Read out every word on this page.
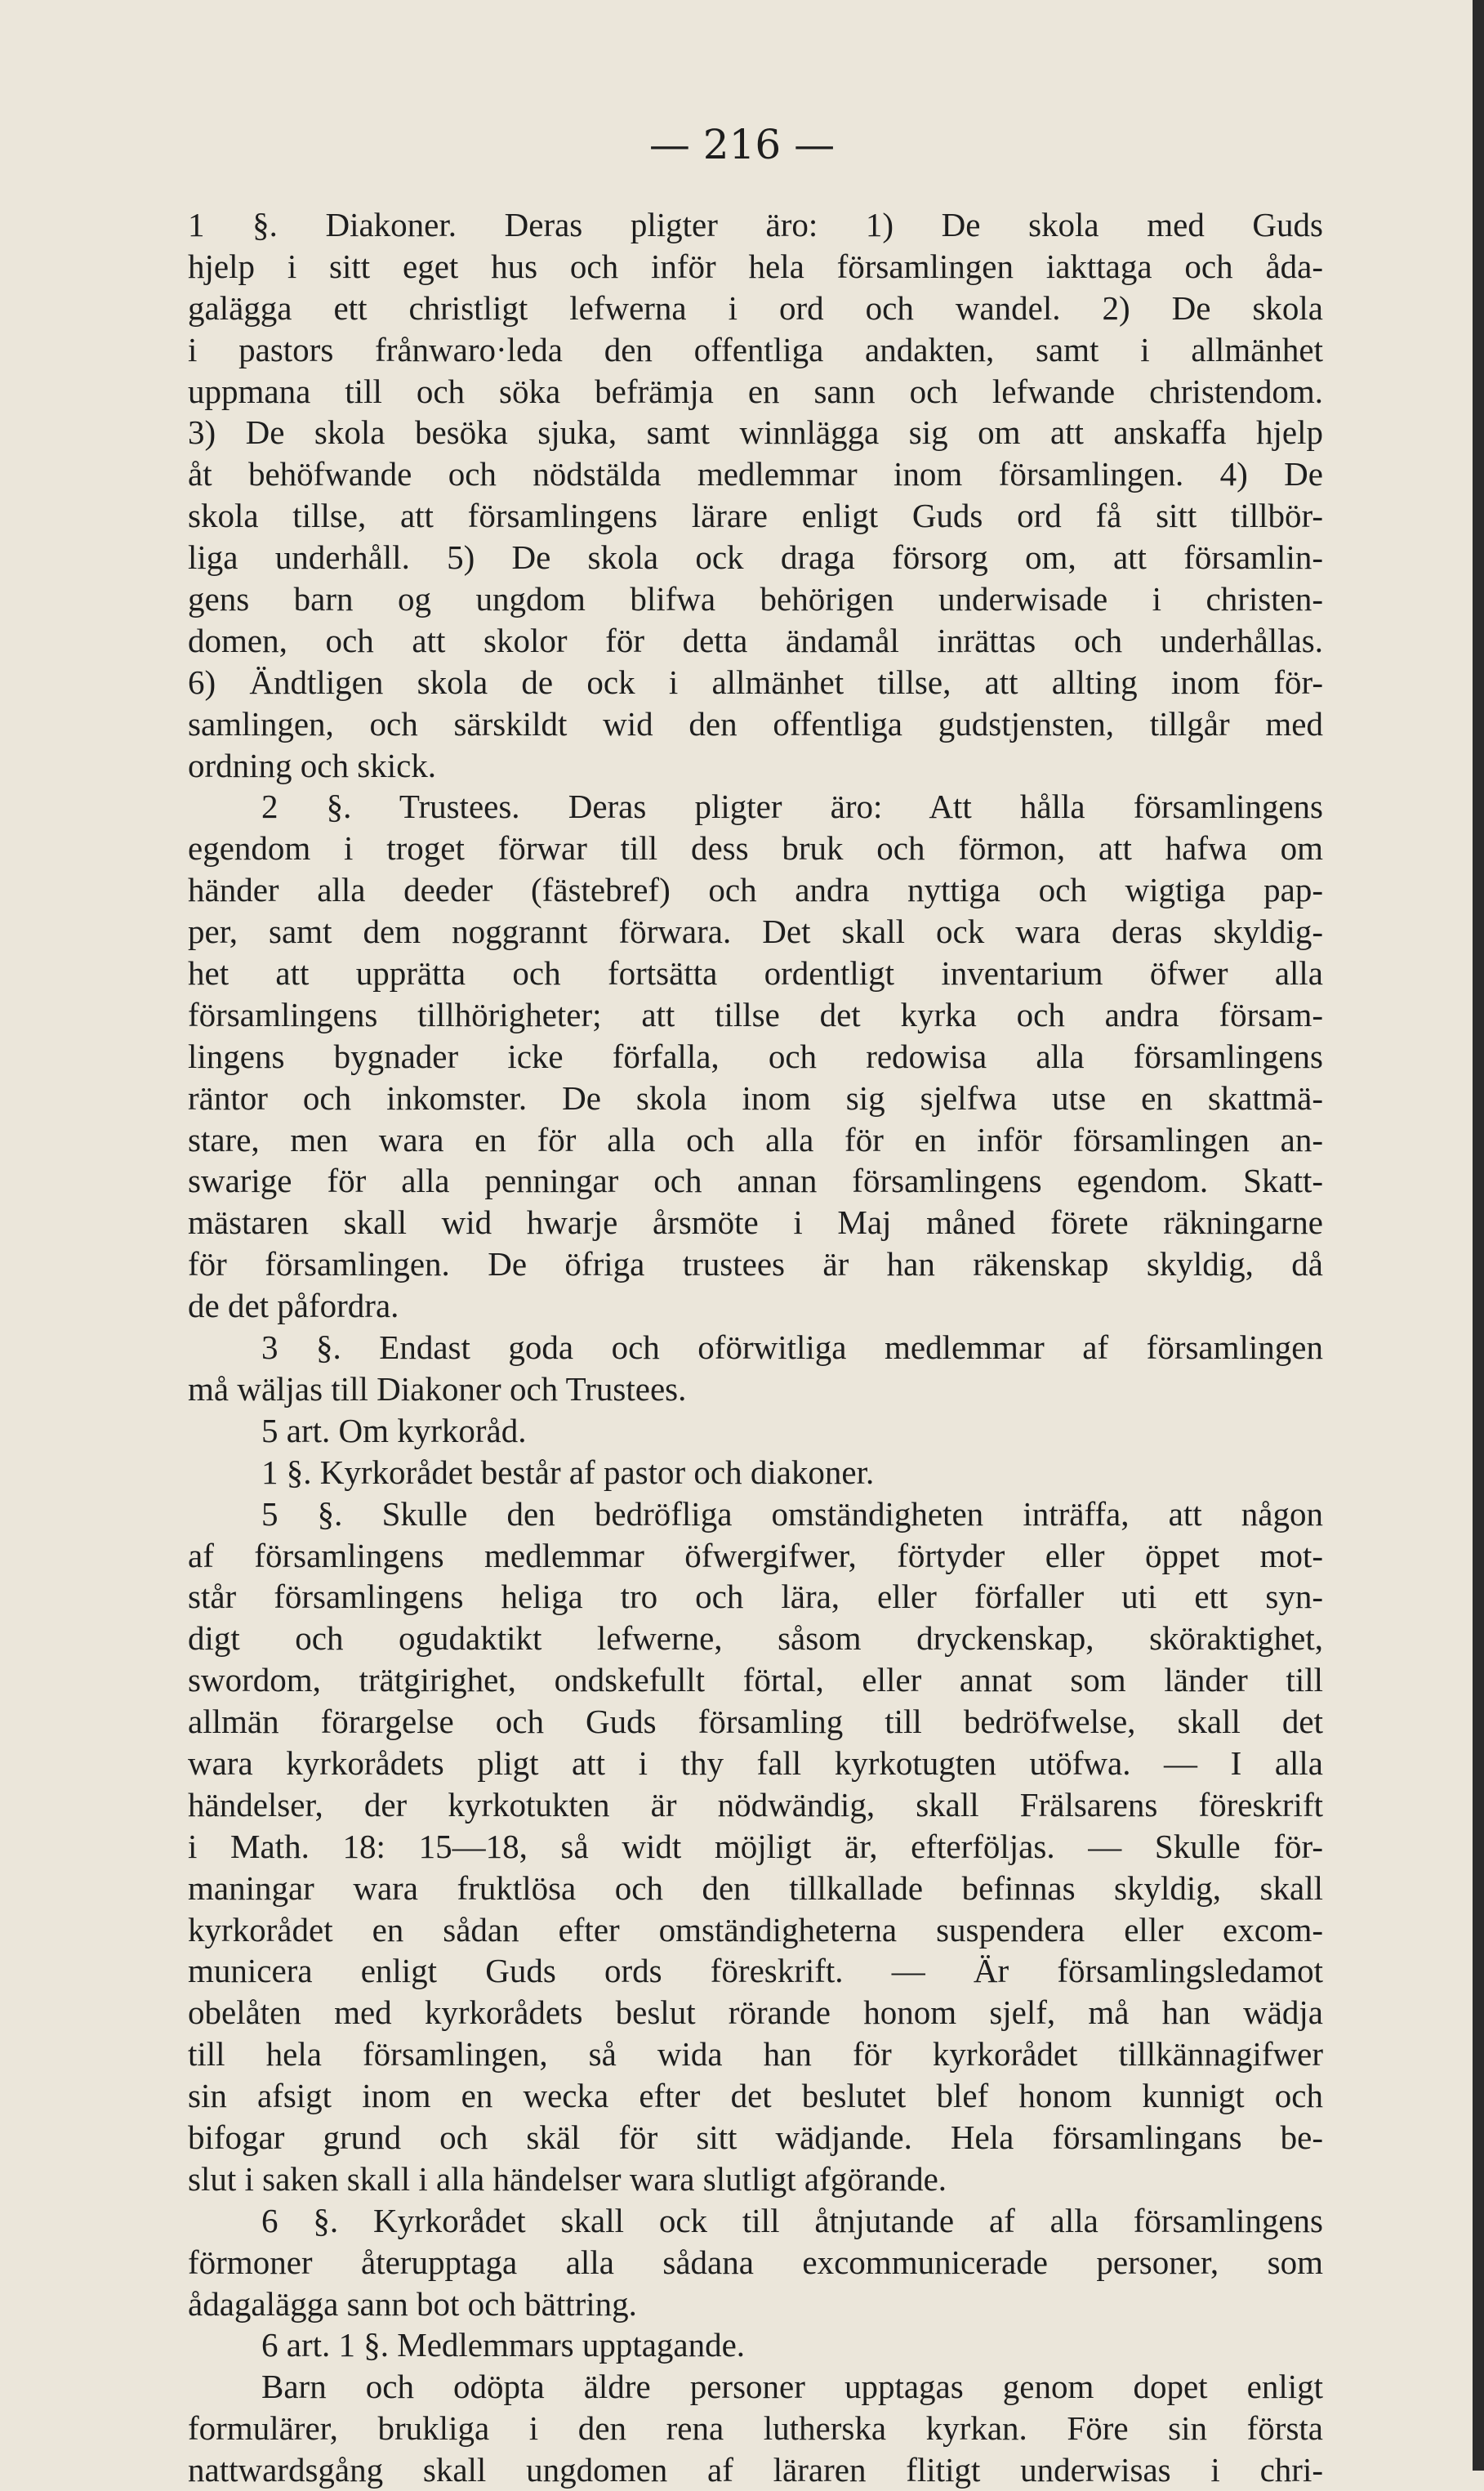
— 216 —
1 §. Diakoner. Deras pligter äro: 1) De skola med Guds
hjelp i sitt eget hus och inför hela församlingen iakttaga och åda-
galägga ett christligt lefwerna i ord och wandel. 2) De skola
i pastors frånwaro·leda den offentliga andakten, samt i allmänhet
uppmana till och söka befrämja en sann och lefwande christendom.
3) De skola besöka sjuka, samt winnlägga sig om att anskaffa hjelp
åt behöfwande och nödstälda medlemmar inom församlingen. 4) De
skola tillse, att församlingens lärare enligt Guds ord få sitt tillbör-
liga underhåll. 5) De skola ock draga försorg om, att församlin-
gens barn og ungdom blifwa behörigen underwisade i christen-
domen, och att skolor för detta ändamål inrättas och underhållas.
6) Ändtligen skola de ock i allmänhet tillse, att allting inom för-
samlingen, och särskildt wid den offentliga gudstjensten, tillgår med
ordning och skick.
2 §. Trustees. Deras pligter äro: Att hålla församlingens
egendom i troget förwar till dess bruk och förmon, att hafwa om
händer alla deeder (fästebref) och andra nyttiga och wigtiga pap-
per, samt dem noggrannt förwara. Det skall ock wara deras skyldig-
het att upprätta och fortsätta ordentligt inventarium öfwer alla
församlingens tillhörigheter; att tillse det kyrka och andra försam-
lingens bygnader icke förfalla, och redowisa alla församlingens
räntor och inkomster. De skola inom sig sjelfwa utse en skattmä-
stare, men wara en för alla och alla för en inför församlingen an-
swarige för alla penningar och annan församlingens egendom. Skatt-
mästaren skall wid hwarje årsmöte i Maj måned förete räkningarne
för församlingen. De öfriga trustees är han räkenskap skyldig, då
de det påfordra.
3 §. Endast goda och oförwitliga medlemmar af församlingen
må wäljas till Diakoner och Trustees.
5 art. Om kyrkoråd.
1 §. Kyrkorådet består af pastor och diakoner.
5 §. Skulle den bedröfliga omständigheten inträffa, att någon
af församlingens medlemmar öfwergifwer, förtyder eller öppet mot-
står församlingens heliga tro och lära, eller förfaller uti ett syn-
digt och ogudaktikt lefwerne, såsom dryckenskap, sköraktighet,
swordom, trätgirighet, ondskefullt förtal, eller annat som länder till
allmän förargelse och Guds församling till bedröfwelse, skall det
wara kyrkorådets pligt att i thy fall kyrkotugten utöfwa. — I alla
händelser, der kyrkotukten är nödwändig, skall Frälsarens föreskrift
i Math. 18: 15—18, så widt möjligt är, efterföljas. — Skulle för-
maningar wara fruktlösa och den tillkallade befinnas skyldig, skall
kyrkorådet en sådan efter omständigheterna suspendera eller excom-
municera enligt Guds ords föreskrift. — Är församlingsledamot
obelåten med kyrkorådets beslut rörande honom sjelf, må han wädja
till hela församlingen, så wida han för kyrkorådet tillkännagifwer
sin afsigt inom en wecka efter det beslutet blef honom kunnigt och
bifogar grund och skäl för sitt wädjande. Hela församlingans be-
slut i saken skall i alla händelser wara slutligt afgörande.
6 §. Kyrkorådet skall ock till åtnjutande af alla församlingens
förmoner återupptaga alla sådana excommunicerade personer, som
ådagalägga sann bot och bättring.
6 art. 1 §. Medlemmars upptagande.
Barn och odöpta äldre personer upptagas genom dopet enligt
formulärer, brukliga i den rena lutherska kyrkan. Före sin första
nattwardsgång skall ungdomen af läraren flitigt underwisas i chri-
